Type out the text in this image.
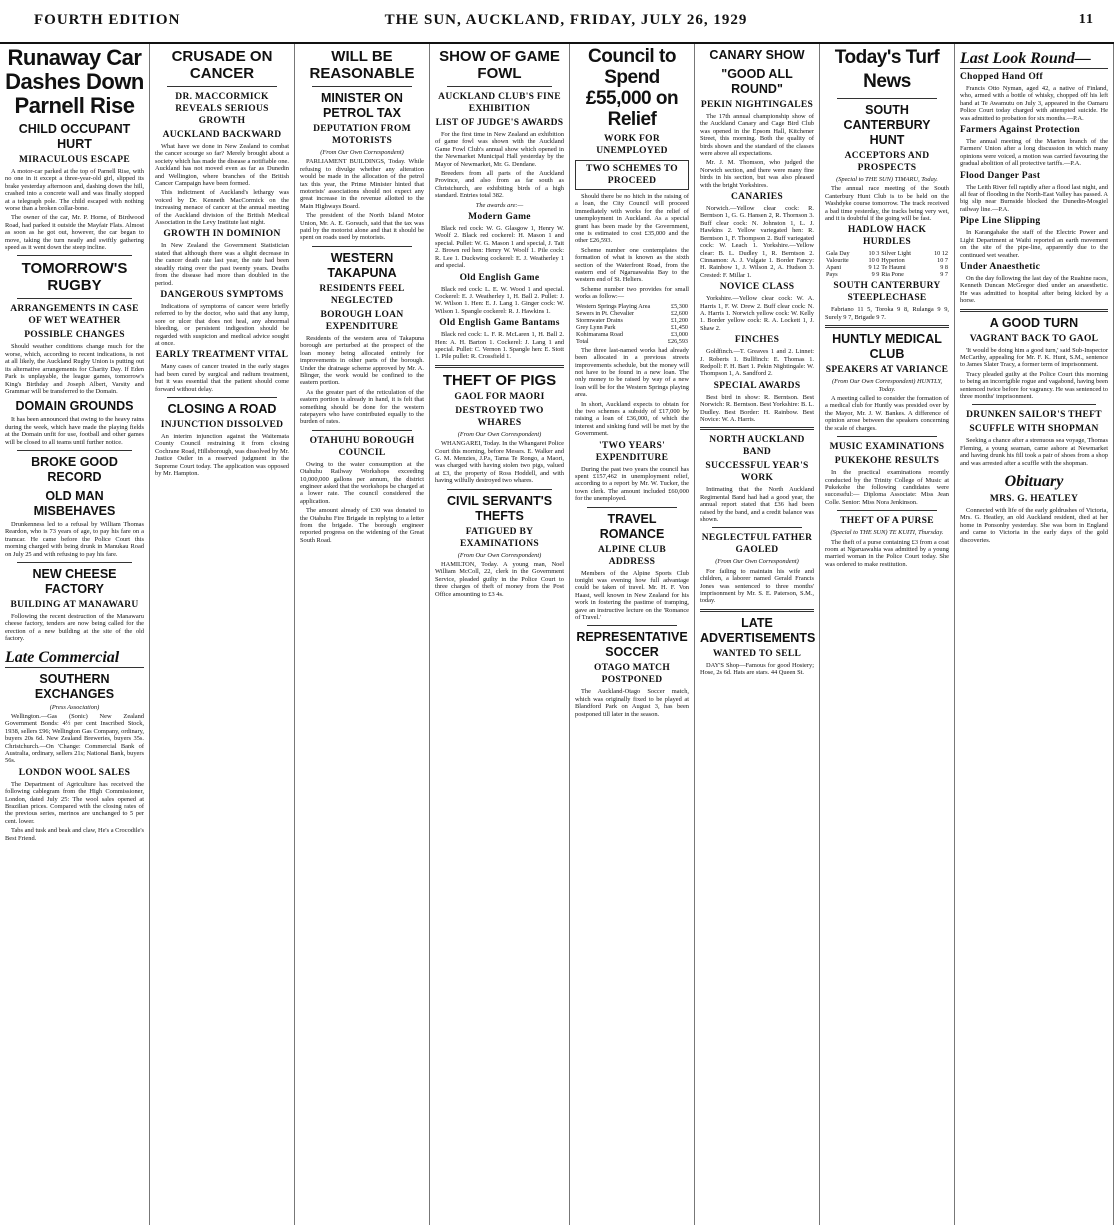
FOURTH EDITION	THE SUN, AUCKLAND, FRIDAY, JULY 26, 1929	11
Runaway Car Dashes Down Parnell Rise
CHILD OCCUPANT HURT
MIRACULOUS ESCAPE
A motor-car parked at the top of Parnell Rise, with no one in it except a three-year-old girl, slipped its brake yesterday afternoon and, dashing down the hill, crashed into a concrete wall and was finally stopped at a telegraph pole. The child escaped with nothing worse than a broken collar-bone.
The owner of the car, Mr. P. Horne, of Birdwood Road, had parked it outside the Mayfair Flats. Almost as soon as he got out, however, the car began to move, taking the turn neatly and swiftly gathering speed as it went down the steep incline.
TOMORROW'S RUGBY
ARRANGEMENTS IN CASE OF WET WEATHER
POSSIBLE CHANGES
Should weather conditions change much for the worse, which, according to recent indications, is not at all likely, the Auckland Rugby Union is putting out its alternative arrangements for Charity Day. If Eden Park is unplayable, the league games, tomorrow's King's Birthday and Joseph Albert, Varsity and Grammar will be transferred to the Domain.
DOMAIN GROUNDS
It has been announced that owing to the heavy rains during the week, which have made the playing fields at the Domain unfit for use, football and other games will be closed to all teams until further notice.
BROKE GOOD RECORD
OLD MAN MISBEHAVES
Drunkenness led to a refusal by William Thomas Reardon, who is 73 years of age, to pay his fare on a tramcar. He came before the Police Court this morning charged with being drunk in Manukau Road on July 25 and with refusing to pay his fare.
NEW CHEESE FACTORY
BUILDING AT MANAWARU
Following the recent destruction of the Manawaru cheese factory, tenders are now being called for the erection of a new building at the site of the old factory.
Late Commercial
SOUTHERN EXCHANGES
(Press Association)
Wellington.—Gas (Sonic) New Zealand Government Bonds: 4½ per cent Inscribed Stock, 1938, sellers £96; Wellington Gas Company, ordinary, buyers 20s 6d. New Zealand Breweries, buyers 35s. Christchurch.—On 'Change: Commercial Bank of Australia, ordinary, sellers 21s; National Bank, buyers 56s.
LONDON WOOL SALES
The Department of Agriculture has received the following cablegram from the High Commissioner, London, dated July 25: The wool sales opened at Brazilian prices. Compared with the closing rates of the previous series, merinos are unchanged to 5 per cent. lower.
Tabs and tusk and beak and claw, He's a Crocodile's Best Friend.
CRUSADE ON CANCER
DR. MACCORMICK REVEALS SERIOUS GROWTH
AUCKLAND BACKWARD
What have we done in New Zealand to combat the cancer scourge so far? Merely brought about a society which has made the disease a notifiable one. Auckland has not moved even as far as Dunedin and Wellington, where branches of the British Cancer Campaign have been formed.
This indictment of Auckland's lethargy was voiced by Dr. Kenneth MacCormick on the increasing menace of cancer at the annual meeting of the Auckland division of the British Medical Association in the Levy Institute last night.
GROWTH IN DOMINION
In New Zealand the Government Statistician stated that although there was a slight decrease in the cancer death rate last year, the rate had been steadily rising over the past twenty years. Deaths from the disease had more than doubled in the period.
DANGEROUS SYMPTOMS
Indications of symptoms of cancer were briefly referred to by the doctor, who said that any lump, sore or ulcer that does not heal, any abnormal bleeding, or persistent indigestion should be regarded with suspicion and medical advice sought at once.
EARLY TREATMENT VITAL
Many cases of cancer treated in the early stages had been cured by surgical and radium treatment, but it was essential that the patient should come forward without delay.
CLOSING A ROAD
INJUNCTION DISSOLVED
An interim injunction against the Waitemata County Council restraining it from closing Cochrane Road, Hillsborough, was dissolved by Mr. Justice Ostler in a reserved judgment in the Supreme Court today. The application was opposed by Mr. Hampton.
WILL BE REASONABLE
MINISTER ON PETROL TAX
DEPUTATION FROM MOTORISTS
(From Our Own Correspondent)
PARLIAMENT BUILDINGS, Today. While refusing to divulge whether any alteration would be made in the allocation of the petrol tax this year, the Prime Minister hinted that motorists' associations should not expect any great increase in the revenue allotted to the Main Highways Board.
The president of the North Island Motor Union, Mr. A. E. Gorsuch, said that the tax was paid by the motorist alone and that it should be spent on roads used by motorists.
WESTERN TAKAPUNA
RESIDENTS FEEL NEGLECTED
BOROUGH LOAN EXPENDITURE
Residents of the western area of Takapuna borough are perturbed at the prospect of the loan money being allocated entirely for improvements in other parts of the borough. Under the drainage scheme approved by Mr. A. Blinger, the work would be confined to the eastern portion.
As the greater part of the reticulation of the eastern portion is already in hand, it is felt that something should be done for the western ratepayers who have contributed equally to the burden of rates.
OTAHUHU BOROUGH COUNCIL
Owing to the water consumption at the Otahuhu Railway Workshops exceeding 10,000,000 gallons per annum, the district engineer asked that the workshops be charged at a lower rate. The council considered the application.
The amount already of £30 was donated to the Otahuhu Fire Brigade in replying to a letter from the brigade. The borough engineer reported progress on the widening of the Great South Road.
SHOW OF GAME FOWL
AUCKLAND CLUB'S FINE EXHIBITION
LIST OF JUDGE'S AWARDS
For the first time in New Zealand an exhibition of game fowl was shown with the Auckland Game Fowl Club's annual show which opened in the Newmarket Municipal Hall yesterday by the Mayor of Newmarket, Mr. G. Dendane.
Breeders from all parts of the Auckland Province, and also from as far south as Christchurch, are exhibiting birds of a high standard. Entries total 382.
The awards are:—
Modern Game
Black red cock: W. G. Glasgow 1, Henry W. Woolf 2. Black red cockerel: H. Mason 1 and special. Pullet: W. G. Mason 1 and special, J. Tait 2. Brown red hen: Henry W. Woolf 1. Pile cock: R. Lee 1. Duckwing cockerel: E. J. Weatherley 1 and special.
Old English Game
Black red cock: L. E. W. Wood 1 and special. Cockerel: E. J. Weatherley 1, H. Ball 2. Pullet: J. W. Wilson 1. Hen: E. J. Lang 1. Ginger cock: W. Wilson 1. Spangle cockerel: R. J. Hawkins 1.
Old English Game Bantams
Black red cock: L. F. R. McLaren 1, H. Ball 2. Hen: A. H. Barton 1. Cockerel: J. Lang 1 and special. Pullet: C. Vernon 1. Spangle hen: E. Stott 1. Pile pullet: R. Crossfield 1.
THEFT OF PIGS
GAOL FOR MAORI
DESTROYED TWO WHARES
(From Our Own Correspondent)
WHANGAREI, Today. In the Whangarei Police Court this morning, before Messrs. E. Walker and G. M. Menzies, J.P.s, Tama Te Rongo, a Maori, was charged with having stolen two pigs, valued at £3, the property of Ross Hoddell, and with having wilfully destroyed two whares.
CIVIL SERVANT'S THEFTS
FATIGUED BY EXAMINATIONS
(From Our Own Correspondent)
HAMILTON, Today. A young man, Noel William McColl, 22, clerk in the Government Service, pleaded guilty in the Police Court to three charges of theft of money from the Post Office amounting to £3 4s.
Council to Spend £55,000 on Relief
WORK FOR UNEMPLOYED
TWO SCHEMES TO PROCEED
Should there be no hitch in the raising of a loan, the City Council will proceed immediately with works for the relief of unemployment in Auckland. As a special grant has been made by the Government, one is estimated to cost £35,000 and the other £26,593.
Scheme number one contemplates the formation of what is known as the sixth section of the Waterfront Road, from the eastern end of Ngaruawahia Bay to the western end of St. Heliers.
Scheme number two provides for small works as follow:—
Western Springs Playing Area	£5,300
Sewers in Pt. Chevalier	£2,600
Stormwater Drains	£1,200
Grey Lynn Park	£1,450
Kohimarama Road	£3,000
Total	£26,593
The three last-named works had already been allocated in a previous streets improvements schedule, but the money will not have to be found in a new loan. The only money to be raised by way of a new loan will be for the Western Springs playing area.
In short, Auckland expects to obtain for the two schemes a subsidy of £17,000 by raising a loan of £36,000, of which the interest and sinking fund will be met by the Government.
'TWO YEARS' EXPENDITURE
During the past two years the council has spent £157,462 in unemployment relief, according to a report by Mr. W. Tucker, the town clerk. The amount included £60,000 for the unemployed.
TRAVEL ROMANCE
ALPINE CLUB ADDRESS
Members of the Alpine Sports Club tonight was evening how full advantage could be taken of travel. Mr. H. F. Von Haast, well known in New Zealand for his work in fostering the pastime of tramping, gave an instructive lecture on the 'Romance of Travel.'
REPRESENTATIVE SOCCER
OTAGO MATCH POSTPONED
The Auckland-Otago Soccer match, which was originally fixed to be played at Blandford Park on August 3, has been postponed till later in the season.
CANARY SHOW
"GOOD ALL ROUND"
PEKIN NIGHTINGALES
The 17th annual championship show of the Auckland Canary and Cage Bird Club was opened in the Epsom Hall, Kitchener Street, this morning. Both the quality of birds shown and the standard of the classes were above all expectations.
Mr. J. M. Thomson, who judged the Norwich section, and there were many fine birds in his section, but was also pleased with the bright Yorkshires.
CANARIES
Norwich.—Yellow clear cock: R. Berntson 1, G. G. Hansen 2, R. Thornson 3. Buff clear cock: N. Johnston 1, L. J. Hawkins 2. Yellow variegated hen: R. Berntson 1, F. Thompson 2. Buff variegated cock: W. Leach 1. Yorkshire.—Yellow clear: B. L. Dudley 1, R. Berntson 2. Cinnamon: A. J. Vulgate 1. Border Fancy: H. Rainbow 1, J. Wilson 2, A. Hudson 3. Crested: F. Millar 1.
NOVICE CLASS
Yorkshire.—Yellow clear cock: W. A. Harris 1, F. W. Drew 2. Buff clear cock: N. A. Harris 1. Norwich yellow cock: W. Kelly 1. Border yellow cock: R. A. Lockett 1, J. Shaw 2.
FINCHES
Goldfinch.—T. Greaves 1 and 2. Linnet: J. Roberts 1. Bullfinch: E. Thomas 1. Redpoll: F. H. Bart 1. Pekin Nightingale: W. Thompson 1, A. Sandford 2.
SPECIAL AWARDS
Best bird in show: R. Berntson. Best Norwich: R. Berntson. Best Yorkshire: B. L. Dudley. Best Border: H. Rainbow. Best Novice: W. A. Harris.
NORTH AUCKLAND BAND
SUCCESSFUL YEAR'S WORK
Intimating that the North Auckland Regimental Band had had a good year, the annual report stated that £36 had been raised by the band, and a credit balance was shown.
NEGLECTFUL FATHER GAOLED
(From Our Own Correspondent)
For failing to maintain his wife and children, a laborer named Gerald Francis Jones was sentenced to three months' imprisonment by Mr. S. E. Paterson, S.M., today.
LATE ADVERTISEMENTS
WANTED TO SELL
DAY'S Shop—Famous for good Hosiery; Hose, 2s 6d. Hats are stars. 44 Queen St.
Today's Turf News
SOUTH CANTERBURY HUNT
ACCEPTORS AND PROSPECTS
(Special to THE SUN) TIMARU, Today.
The annual race meeting of the South Canterbury Hunt Club is to be held on the Washdyke course tomorrow. The track received a bad time yesterday, the tracks being very wet, and it is doubtful if the going will be fast.
HADLOW HACK HURDLES
Gala Day	10 3	Silver Light	10 12
Valourite	10 0	Hyperion	10 7
Apani	9 12	Te Haumi	9 8
Pays	9 9	Ria Pone	9 7
SOUTH CANTERBURY STEEPLECHASE
Fabriano 11 5, Toroka 9 8, Rulanga 9 9, Surely 9 7, Brigade 9 7.
HUNTLY MEDICAL CLUB
SPEAKERS AT VARIANCE
(From Our Own Correspondent) HUNTLY, Today.
A meeting called to consider the formation of a medical club for Huntly was presided over by the Mayor, Mr. J. W. Bankes. A difference of opinion arose between the speakers concerning the scale of charges.
MUSIC EXAMINATIONS
PUKEKOHE RESULTS
In the practical examinations recently conducted by the Trinity College of Music at Pukekohe the following candidates were successful:— Diploma Associate: Miss Jean Colle. Senior: Miss Nora Jenkinson.
THEFT OF A PURSE
(Special to THE SUN) TE KUITI, Thursday.
The theft of a purse containing £3 from a coat room at Ngaruawahia was admitted by a young married woman in the Police Court today. She was ordered to make restitution.
Last Look Round—
Chopped Hand Off
Francis Otto Nyman, aged 42, a native of Finland, who, armed with a bottle of whisky, chopped off his left hand at Te Awamutu on July 3, appeared in the Oamaru Police Court today charged with attempted suicide. He was admitted to probation for six months.—P.A.
Farmers Against Protection
The annual meeting of the Marton branch of the Farmers' Union after a long discussion in which many opinions were voiced, a motion was carried favouring the gradual abolition of all protective tariffs.—P.A.
Flood Danger Past
The Leith River fell rapidly after a flood last night, and all fear of flooding in the North-East Valley has passed. A big slip near Burnside blocked the Dunedin-Mosgiel railway line.—P.A.
Pipe Line Slipping
In Karangahake the staff of the Electric Power and Light Department at Waihi reported an earth movement on the site of the pipe-line, apparently due to the continued wet weather.
Under Anaesthetic
On the day following the last day of the Ruahine races, Kenneth Duncan McGregor died under an anaesthetic. He was admitted to hospital after being kicked by a horse.
A GOOD TURN
VAGRANT BACK TO GAOL
'It would be doing him a good turn,' said Sub-Inspector McCarthy, appealing for Mr. F. K. Hunt, S.M., sentence to James Slater Tracy, a former term of imprisonment.
Tracy pleaded guilty at the Police Court this morning to being an incorrigible rogue and vagabond, having been sentenced twice before for vagrancy. He was sentenced to three months' imprisonment.
DRUNKEN SAILOR'S THEFT
SCUFFLE WITH SHOPMAN
Seeking a chance after a strenuous sea voyage, Thomas Fleming, a young seaman, came ashore at Newmarket and having drunk his fill took a pair of shoes from a shop and was arrested after a scuffle with the shopman.
Obituary
MRS. G. HEATLEY
Connected with life of the early goldrushes of Victoria, Mrs. G. Heatley, an old Auckland resident, died at her home in Ponsonby yesterday. She was born in England and came to Victoria in the early days of the gold discoveries.
